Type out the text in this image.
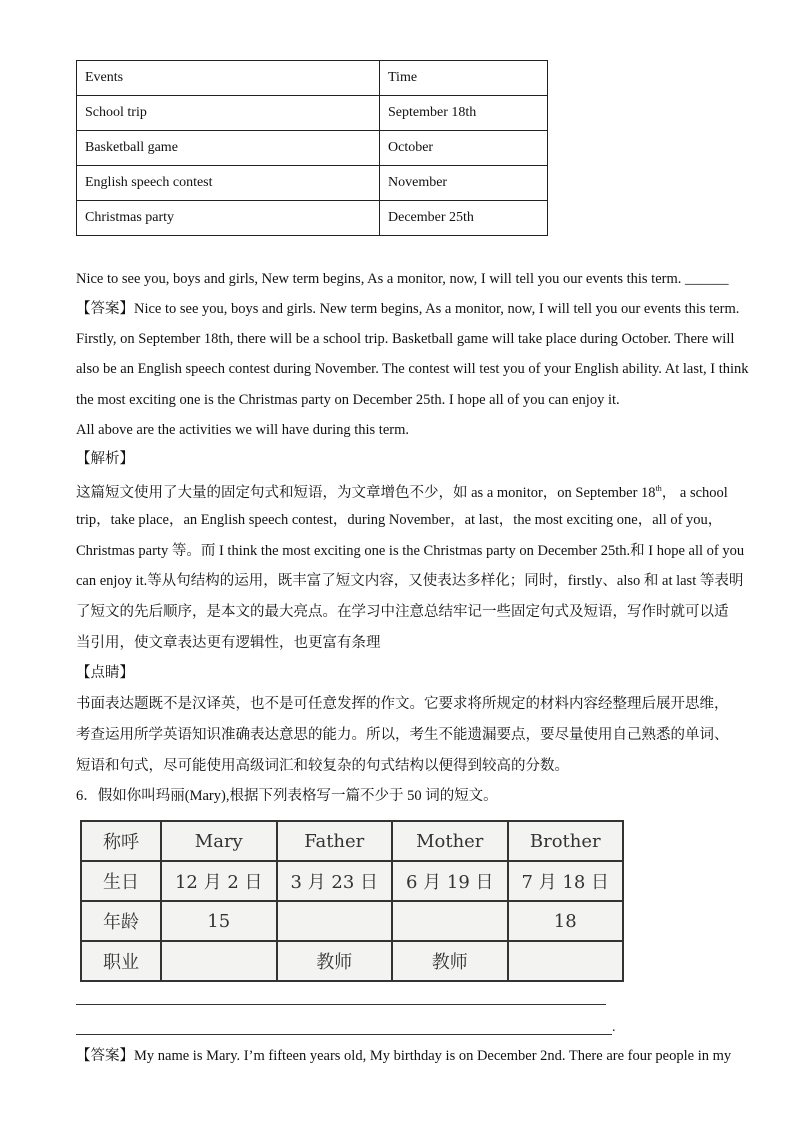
Events	Time
School trip	September 18th
Basketball game	October
English speech contest	November
Christmas party	December 25th
Nice to see you, boys and girls, New term begins, As a monitor, now, I will tell you our events this term. ______
【答案】Nice to see you, boys and girls. New term begins, As a monitor, now, I will tell you our events this term.
Firstly, on September 18th, there will be a school trip. Basketball game will take place during October. There will
also be an English speech contest during November. The contest will test you of your English ability. At last, I think
the most exciting one is the Christmas party on December 25th. I hope all of you can enjoy it.
All above are the activities we will have during this term.
【解析】
这篇短文使用了大量的固定句式和短语，为文章增色不少，如 as a monitor，on September 18th， a school
trip，take place，an English speech contest，during November，at last，the most exciting one，all of you，
Christmas party 等。而 I think the most exciting one is the Christmas party on December 25th.和 I hope all of you
can enjoy it.等从句结构的运用，既丰富了短文内容，又使表达多样化；同时，firstly、also 和 at last 等表明
了短文的先后顺序，是本文的最大亮点。在学习中注意总结牢记一些固定句式及短语，写作时就可以适
当引用，使文章表达更有逻辑性，也更富有条理
【点睛】
书面表达题既不是汉译英，也不是可任意发挥的作文。它要求将所规定的材料内容经整理后展开思维，
考查运用所学英语知识准确表达意思的能力。所以，考生不能遗漏要点，要尽量使用自己熟悉的单词、
短语和句式，尽可能使用高级词汇和较复杂的句式结构以便得到较高的分数。
6．假如你叫玛丽(Mary),根据下列表格写一篇不少于 50 词的短文。
称呼	Mary	Father	Mother	Brother
生日	12 月 2 日	3 月 23 日	6 月 19 日	7 月 18 日
年龄	15			18
职业		教师	教师	
.
【答案】My name is Mary. I’m fifteen years old, My birthday is on December 2nd. There are four people in my
